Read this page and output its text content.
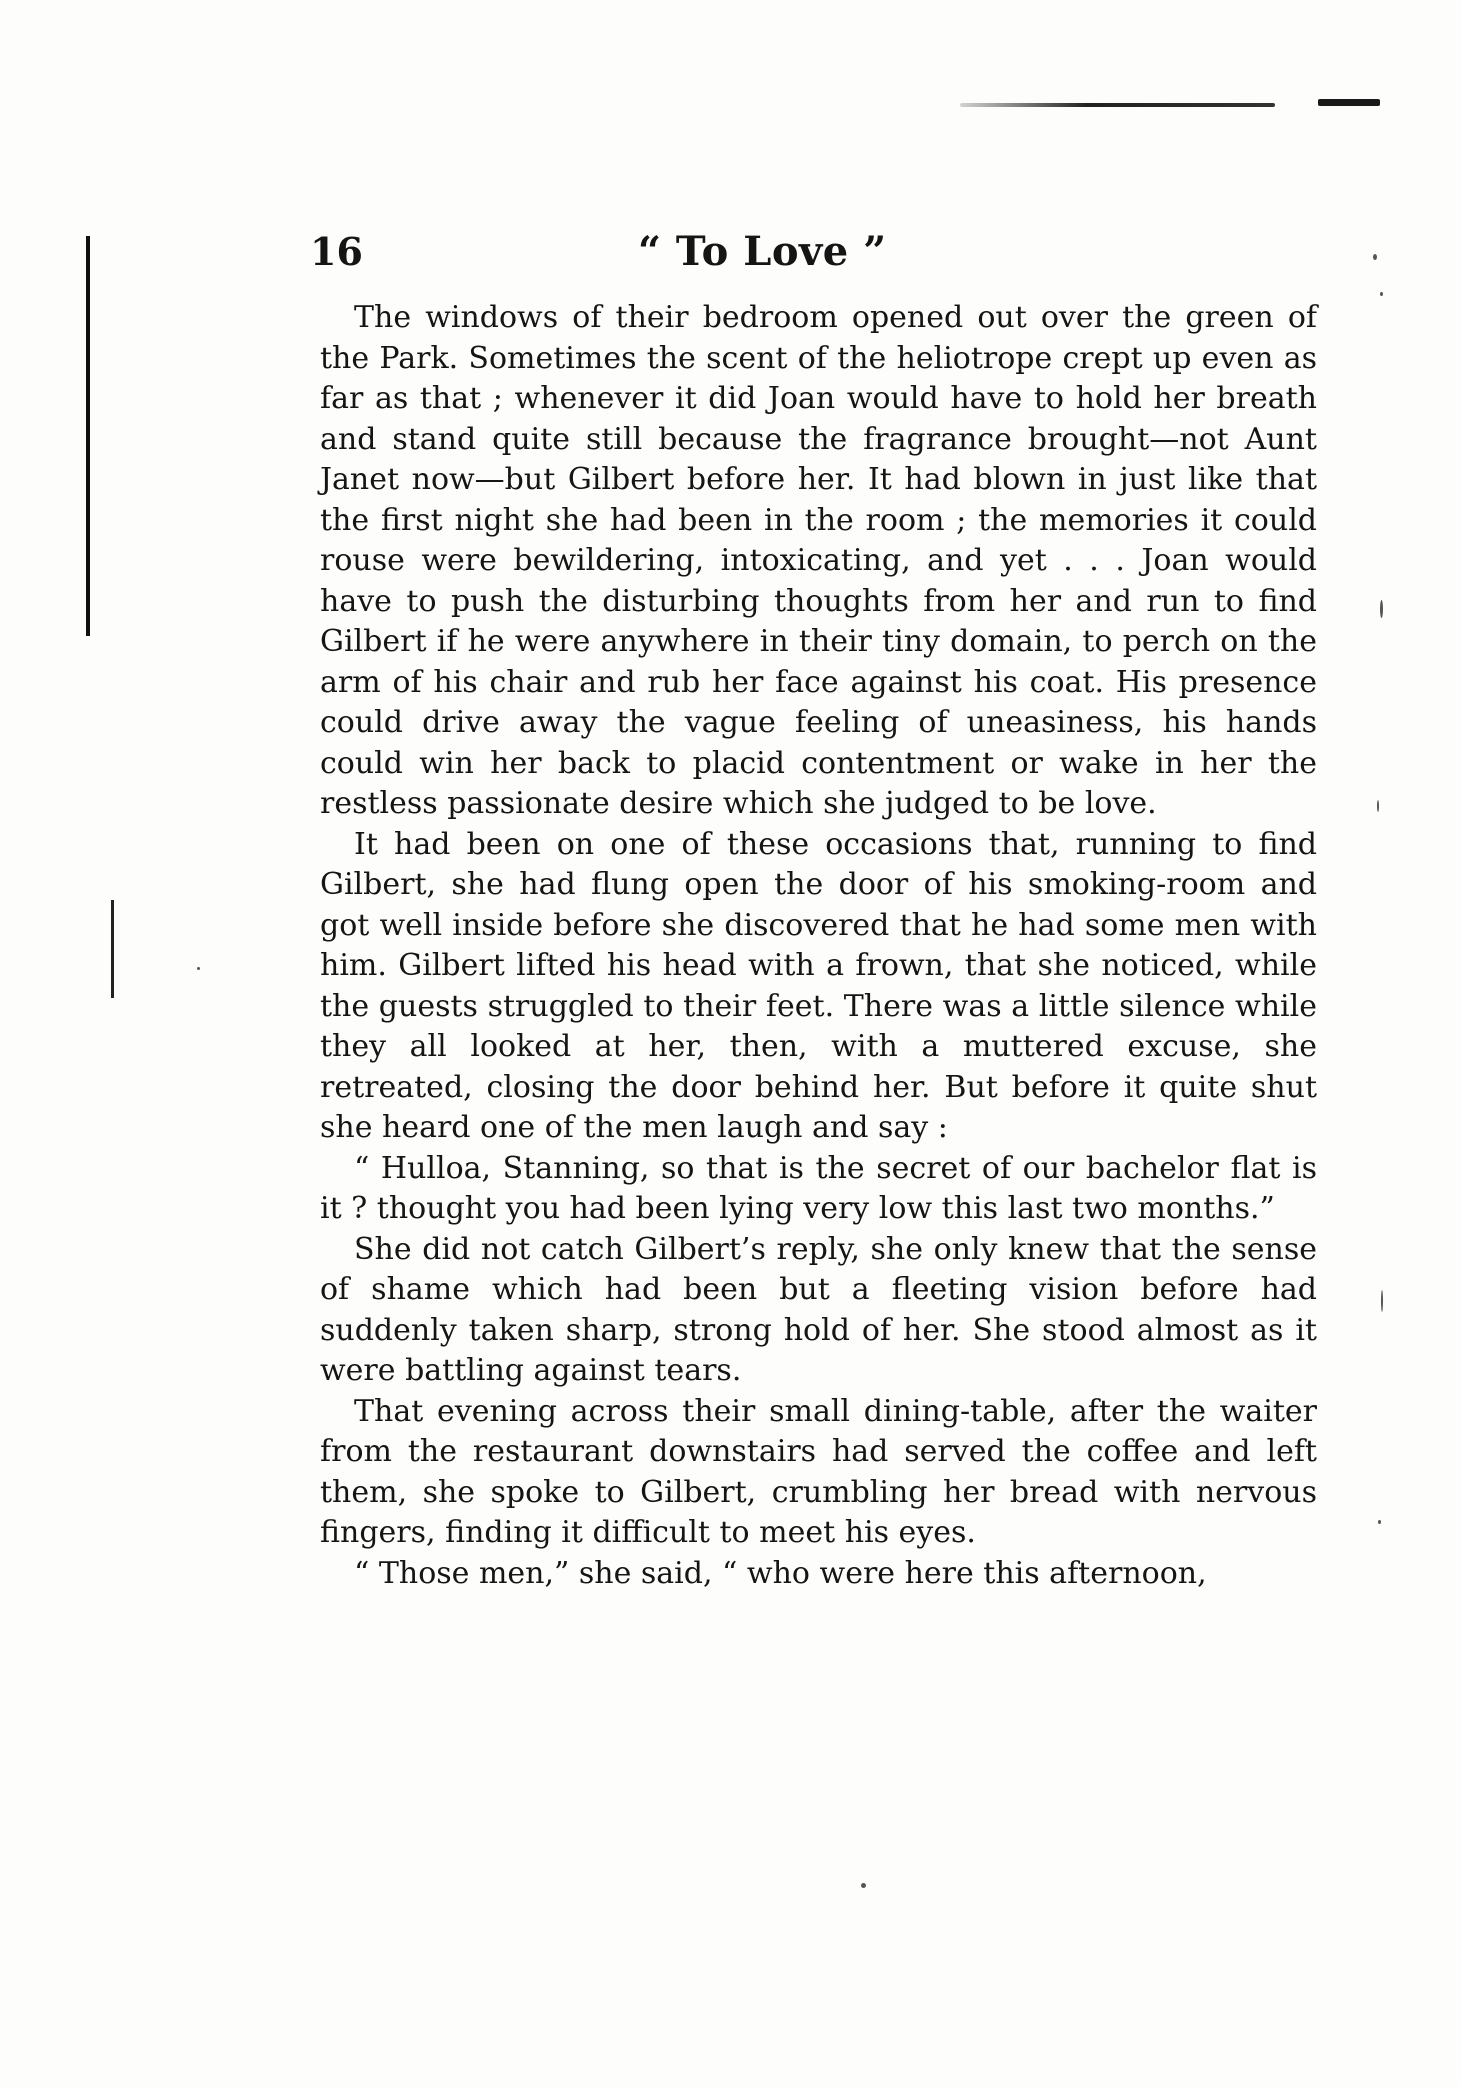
16	“ To Love ”

The windows of their bedroom opened out over the green of the Park. Sometimes the scent of the heliotrope crept up even as far as that ; whenever it did Joan would have to hold her breath and stand quite still because the fragrance brought—not Aunt Janet now—but Gilbert before her. It had blown in just like that the first night she had been in the room ; the memories it could rouse were bewildering, intoxicating, and yet . . . Joan would have to push the disturbing thoughts from her and run to find Gilbert if he were anywhere in their tiny domain, to perch on the arm of his chair and rub her face against his coat. His presence could drive away the vague feeling of uneasiness, his hands could win her back to placid contentment or wake in her the restless passionate desire which she judged to be love.

It had been on one of these occasions that, running to find Gilbert, she had flung open the door of his smoking-room and got well inside before she discovered that he had some men with him. Gilbert lifted his head with a frown, that she noticed, while the guests struggled to their feet. There was a little silence while they all looked at her, then, with a muttered excuse, she retreated, closing the door behind her. But before it quite shut she heard one of the men laugh and say :

“ Hulloa, Stanning, so that is the secret of our bachelor flat is it ? thought you had been lying very low this last two months.”

She did not catch Gilbert’s reply, she only knew that the sense of shame which had been but a fleeting vision before had suddenly taken sharp, strong hold of her. She stood almost as it were battling against tears.

That evening across their small dining-table, after the waiter from the restaurant downstairs had served the coffee and left them, she spoke to Gilbert, crumbling her bread with nervous fingers, finding it difficult to meet his eyes.

“ Those men,” she said, “ who were here this afternoon,
